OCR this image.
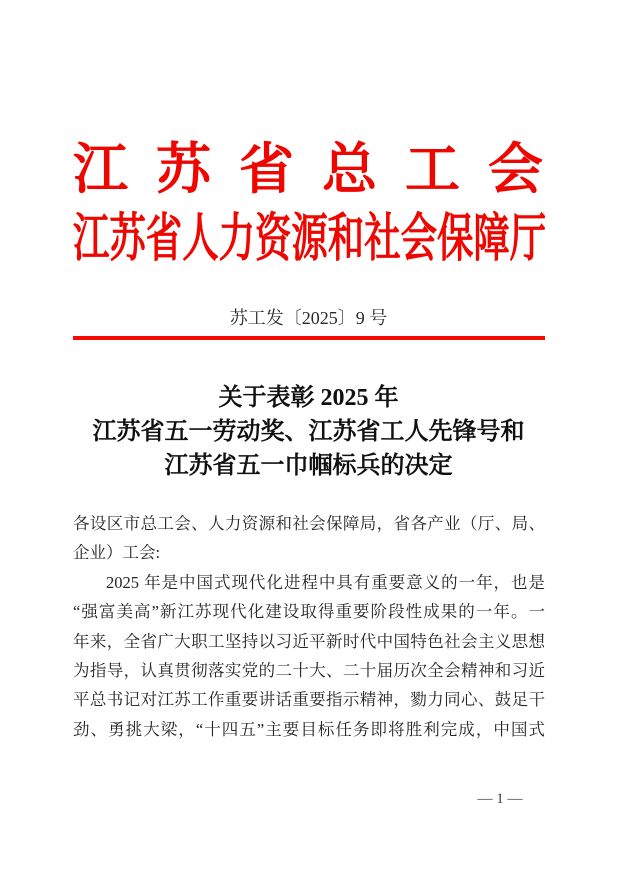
江苏省总工会
江苏省人力资源和社会保障厅
苏工发〔2025〕9 号
关于表彰 2025 年
江苏省五一劳动奖、江苏省工人先锋号和
江苏省五一巾帼标兵的决定
各设区市总工会、人力资源和社会保障局，省各产业（厅、局、
企业）工会:
2025 年是中国式现代化进程中具有重要意义的一年，也是
“强富美高”新江苏现代化建设取得重要阶段性成果的一年。一
年来，全省广大职工坚持以习近平新时代中国特色社会主义思想
为指导，认真贯彻落实党的二十大、二十届历次全会精神和习近
平总书记对江苏工作重要讲话重要指示精神，勠力同心、鼓足干
劲、勇挑大梁，“十四五”主要目标任务即将胜利完成，中国式
— 1 —
